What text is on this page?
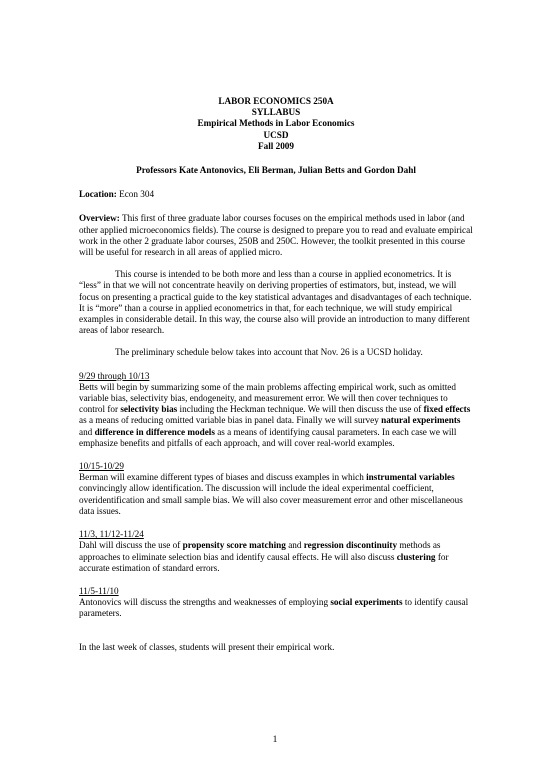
LABOR ECONOMICS 250A
SYLLABUS
Empirical Methods in Labor Economics
UCSD
Fall 2009
Professors Kate Antonovics, Eli Berman, Julian Betts and Gordon Dahl

Location: Econ 304

Overview: This first of three graduate labor courses focuses on the empirical methods used in labor (and other applied microeconomics fields). The course is designed to prepare you to read and evaluate empirical work in the other 2 graduate labor courses, 250B and 250C. However, the toolkit presented in this course will be useful for research in all areas of applied micro.

This course is intended to be both more and less than a course in applied econometrics. It is “less” in that we will not concentrate heavily on deriving properties of estimators, but, instead, we will focus on presenting a practical guide to the key statistical advantages and disadvantages of each technique. It is “more” than a course in applied econometrics in that, for each technique, we will study empirical examples in considerable detail. In this way, the course also will provide an introduction to many different areas of labor research.

The preliminary schedule below takes into account that Nov. 26 is a UCSD holiday.

9/29 through 10/13

Betts will begin by summarizing some of the main problems affecting empirical work, such as omitted variable bias, selectivity bias, endogeneity, and measurement error. We will then cover techniques to control for selectivity bias including the Heckman technique. We will then discuss the use of fixed effects as a means of reducing omitted variable bias in panel data. Finally we will survey natural experiments and difference in difference models as a means of identifying causal parameters. In each case we will emphasize benefits and pitfalls of each approach, and will cover real-world examples.

10/15-10/29

Berman will examine different types of biases and discuss examples in which instrumental variables convincingly allow identification. The discussion will include the ideal experimental coefficient, overidentification and small sample bias. We will also cover measurement error and other miscellaneous data issues.

11/3, 11/12-11/24

Dahl will discuss the use of propensity score matching and regression discontinuity methods as approaches to eliminate selection bias and identify causal effects. He will also discuss clustering for accurate estimation of standard errors.

11/5-11/10

Antonovics will discuss the strengths and weaknesses of employing social experiments to identify causal parameters.

In the last week of classes, students will present their empirical work.

1
